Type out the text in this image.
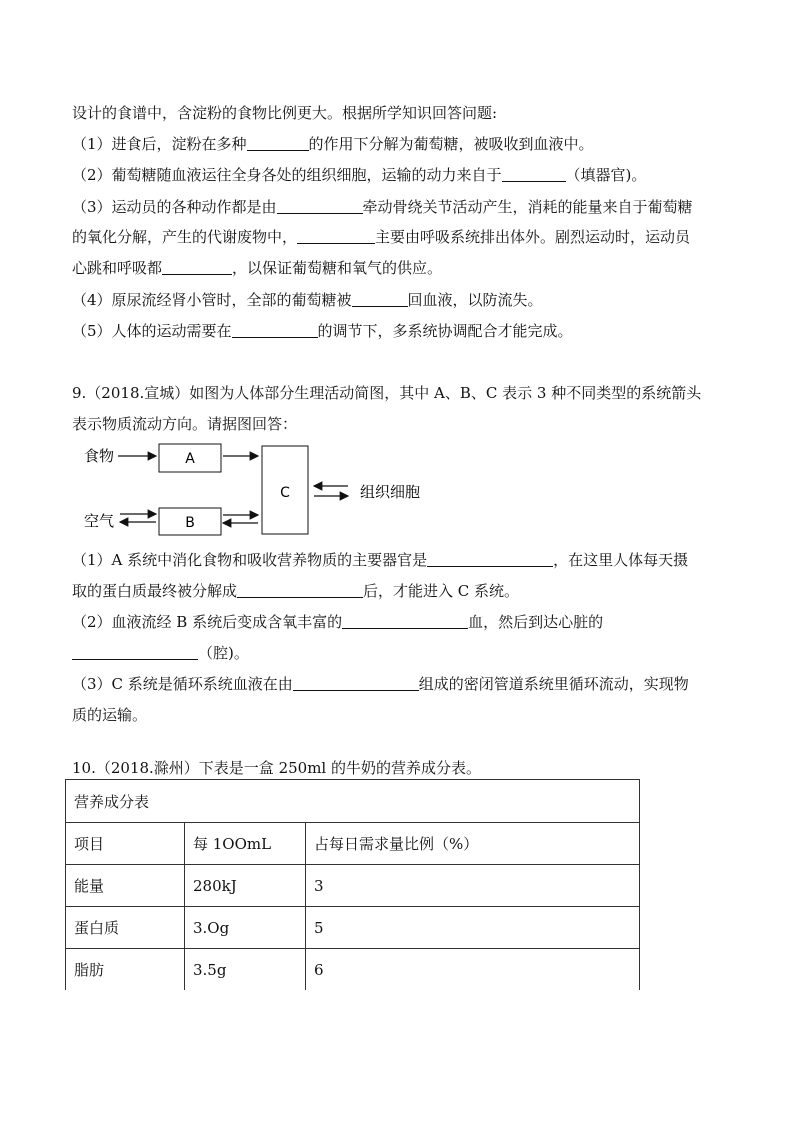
设计的食谱中，含淀粉的食物比例更大。根据所学知识回答问题:
（1）进食后，淀粉在多种	的作用下分解为葡萄糖，被吸收到血液中。
（2）葡萄糖随血液运往全身各处的组织细胞，运输的动力来自于	（填器官)。
（3）运动员的各种动作都是由	牵动骨绕关节活动产生，消耗的能量来自于葡萄糖
的氧化分解，产生的代谢废物中，	主要由呼吸系统排出体外。剧烈运动时，运动员
心跳和呼吸都	，以保证葡萄糖和氧气的供应。
（4）原尿流经肾小管时，全部的葡萄糖被	回血液，以防流失。
（5）人体的运动需要在	的调节下，多系统协调配合才能完成。
9.（2018.宣城）如图为人体部分生理活动简图，其中 A、B、C 表示 3 种不同类型的系统箭头
表示物质流动方向。请据图回答：
食物	A
C	组织细胞
B
空气
（1）A 系统中消化食物和吸收营养物质的主要器官是	，在这里人体每天摄
取的蛋白质最终被分解成	后，才能进入 C 系统。
（2）血液流经 B 系统后变成含氧丰富的	血，然后到达心脏的
（腔)。
（3）C 系统是循环系统血液在由	组成的密闭管道系统里循环流动，实现物
质的运输。
10.（2018.滁州）下表是一盒 250ml 的牛奶的营养成分表。
营养成分表		
项目	每 1OOmL	占每日需求量比例（%）
能量	280kJ	3
蛋白质	3.Og	5
脂肪	3.5g	6
